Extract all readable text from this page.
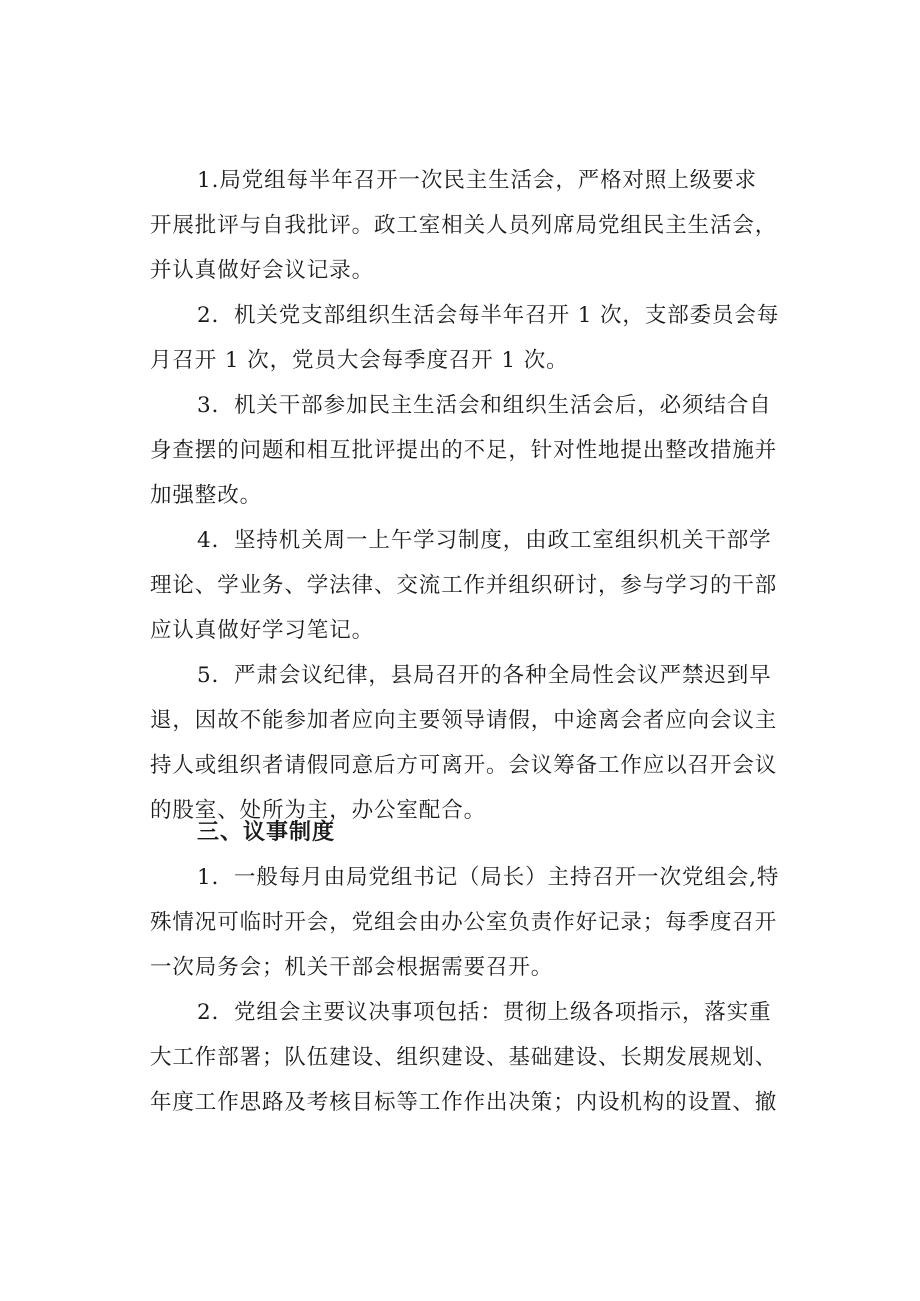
1.局党组每半年召开一次民主生活会，严格对照上级要求
开展批评与自我批评。政工室相关人员列席局党组民主生活会，
并认真做好会议记录。
2．机关党支部组织生活会每半年召开 1 次，支部委员会每
月召开 1 次，党员大会每季度召开 1 次。
3．机关干部参加民主生活会和组织生活会后，必须结合自
身查摆的问题和相互批评提出的不足，针对性地提出整改措施并
加强整改。
4．坚持机关周一上午学习制度，由政工室组织机关干部学
理论、学业务、学法律、交流工作并组织研讨，参与学习的干部
应认真做好学习笔记。
5．严肃会议纪律，县局召开的各种全局性会议严禁迟到早
退，因故不能参加者应向主要领导请假，中途离会者应向会议主
持人或组织者请假同意后方可离开。会议筹备工作应以召开会议
的股室、处所为主，办公室配合。
三、议事制度
1．一般每月由局党组书记（局长）主持召开一次党组会,特
殊情况可临时开会，党组会由办公室负责作好记录；每季度召开
一次局务会；机关干部会根据需要召开。
2．党组会主要议决事项包括：贯彻上级各项指示，落实重
大工作部署；队伍建设、组织建设、基础建设、长期发展规划、
年度工作思路及考核目标等工作作出决策；内设机构的设置、撤
